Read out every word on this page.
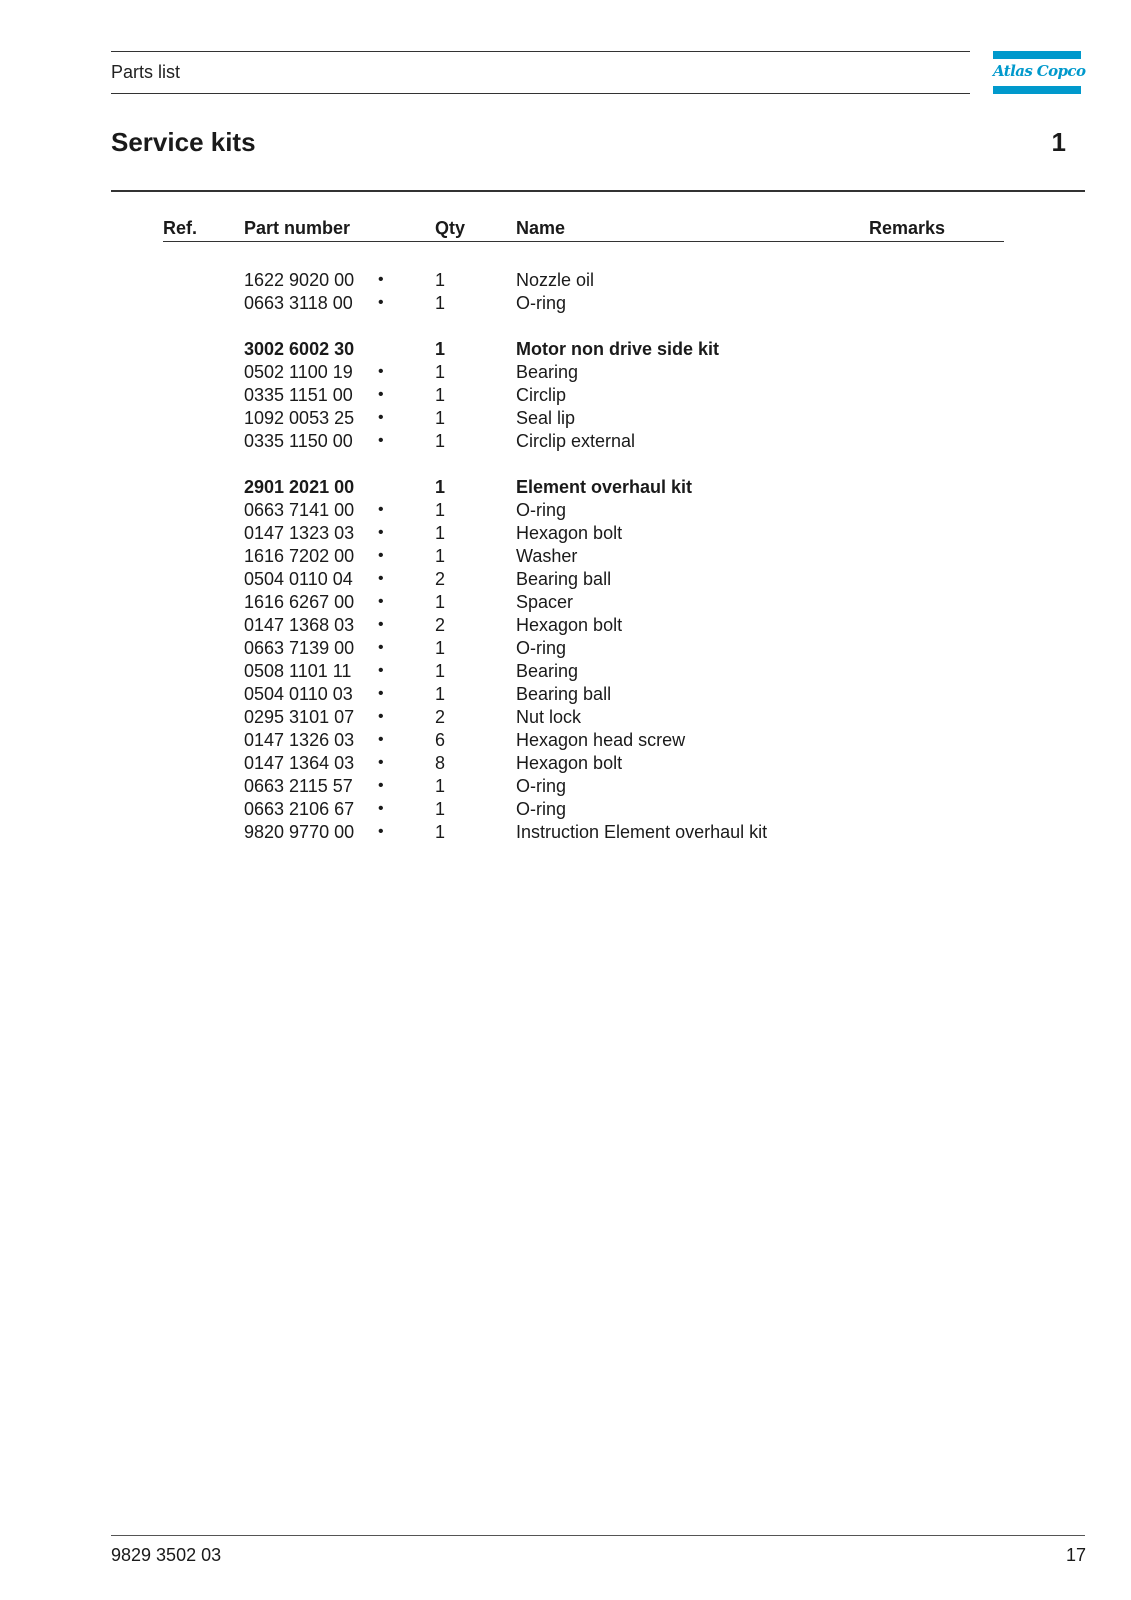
Parts list	Atlas Copco
Service kits	1
Ref.	Part number	Qty	Name	Remarks
1622 9020 00 •	1	Nozzle oil
0663 3118 00 •	1	O-ring
3002 6002 30	1	Motor non drive side kit
0502 1100 19 •	1	Bearing
0335 1151 00 •	1	Circlip
1092 0053 25 •	1	Seal lip
0335 1150 00 •	1	Circlip external
2901 2021 00	1	Element overhaul kit
0663 7141 00 •	1	O-ring
0147 1323 03 •	1	Hexagon bolt
1616 7202 00 •	1	Washer
0504 0110 04 •	2	Bearing ball
1616 6267 00 •	1	Spacer
0147 1368 03 •	2	Hexagon bolt
0663 7139 00 •	1	O-ring
0508 1101 11 •	1	Bearing
0504 0110 03 •	1	Bearing ball
0295 3101 07 •	2	Nut lock
0147 1326 03 •	6	Hexagon head screw
0147 1364 03 •	8	Hexagon bolt
0663 2115 57 •	1	O-ring
0663 2106 67 •	1	O-ring
9820 9770 00 •	1	Instruction Element overhaul kit
9829 3502 03	17
